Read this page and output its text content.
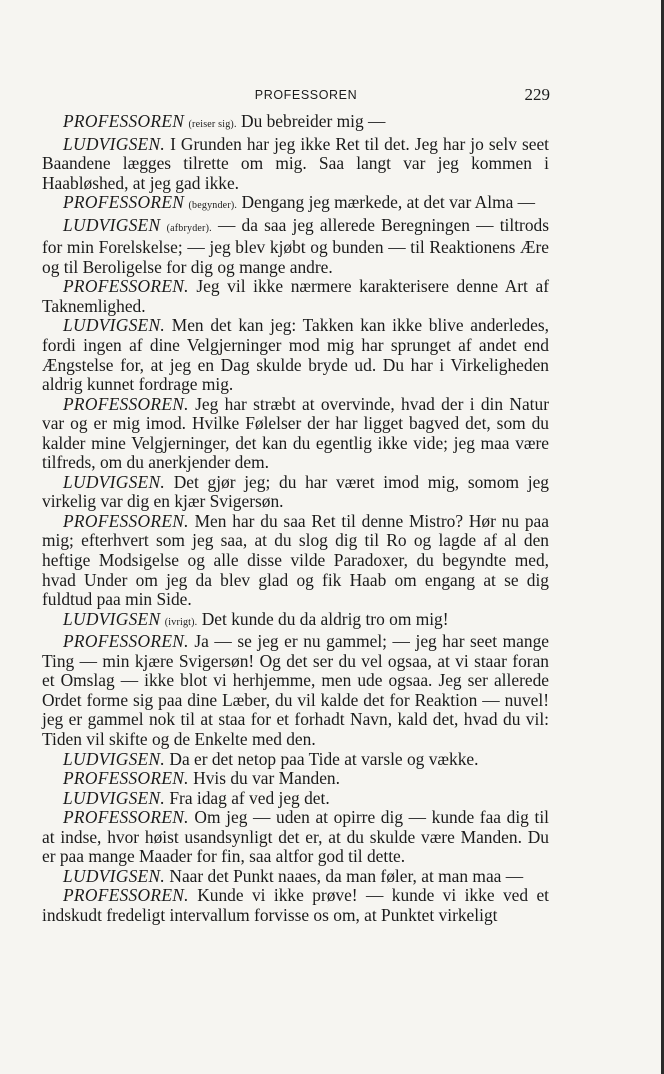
PROFESSOREN	229

PROFESSOREN (reiser sig). Du bebreider mig —

LUDVIGSEN. I Grunden har jeg ikke Ret til det. Jeg har jo selv seet Baandene lægges tilrette om mig. Saa langt var jeg kommen i Haabløshed, at jeg gad ikke.

PROFESSOREN (begynder). Dengang jeg mærkede, at det var Alma —

LUDVIGSEN (afbryder). — da saa jeg allerede Beregningen — tiltrods for min Forelskelse; — jeg blev kjøbt og bunden — til Reaktionens Ære og til Beroligelse for dig og mange andre.

PROFESSOREN. Jeg vil ikke nærmere karakterisere denne Art af Taknemlighed.

LUDVIGSEN. Men det kan jeg: Takken kan ikke blive anderledes, fordi ingen af dine Velgjerninger mod mig har sprunget af andet end Ængstelse for, at jeg en Dag skulde bryde ud. Du har i Virkeligheden aldrig kunnet fordrage mig.

PROFESSOREN. Jeg har stræbt at overvinde, hvad der i din Natur var og er mig imod. Hvilke Følelser der har ligget bagved det, som du kalder mine Velgjerninger, det kan du egentlig ikke vide; jeg maa være tilfreds, om du anerkjender dem.

LUDVIGSEN. Det gjør jeg; du har været imod mig, somom jeg virkelig var dig en kjær Svigersøn.

PROFESSOREN. Men har du saa Ret til denne Mistro? Hør nu paa mig; efterhvert som jeg saa, at du slog dig til Ro og lagde af al den heftige Modsigelse og alle disse vilde Paradoxer, du begyndte med, hvad Under om jeg da blev glad og fik Haab om engang at se dig fuldtud paa min Side.

LUDVIGSEN (ivrigt). Det kunde du da aldrig tro om mig!

PROFESSOREN. Ja — se jeg er nu gammel; — jeg har seet mange Ting — min kjære Svigersøn! Og det ser du vel ogsaa, at vi staar foran et Omslag — ikke blot vi herhjemme, men ude ogsaa. Jeg ser allerede Ordet forme sig paa dine Læber, du vil kalde det for Reaktion — nuvel! jeg er gammel nok til at staa for et forhadt Navn, kald det, hvad du vil: Tiden vil skifte og de Enkelte med den.

LUDVIGSEN. Da er det netop paa Tide at varsle og vække.

PROFESSOREN. Hvis du var Manden.

LUDVIGSEN. Fra idag af ved jeg det.

PROFESSOREN. Om jeg — uden at opirre dig — kunde faa dig til at indse, hvor høist usandsynligt det er, at du skulde være Manden. Du er paa mange Maader for fin, saa altfor god til dette.

LUDVIGSEN. Naar det Punkt naaes, da man føler, at man maa —

PROFESSOREN. Kunde vi ikke prøve! — kunde vi ikke ved et indskudt fredeligt intervallum forvisse os om, at Punktet virkeligt
